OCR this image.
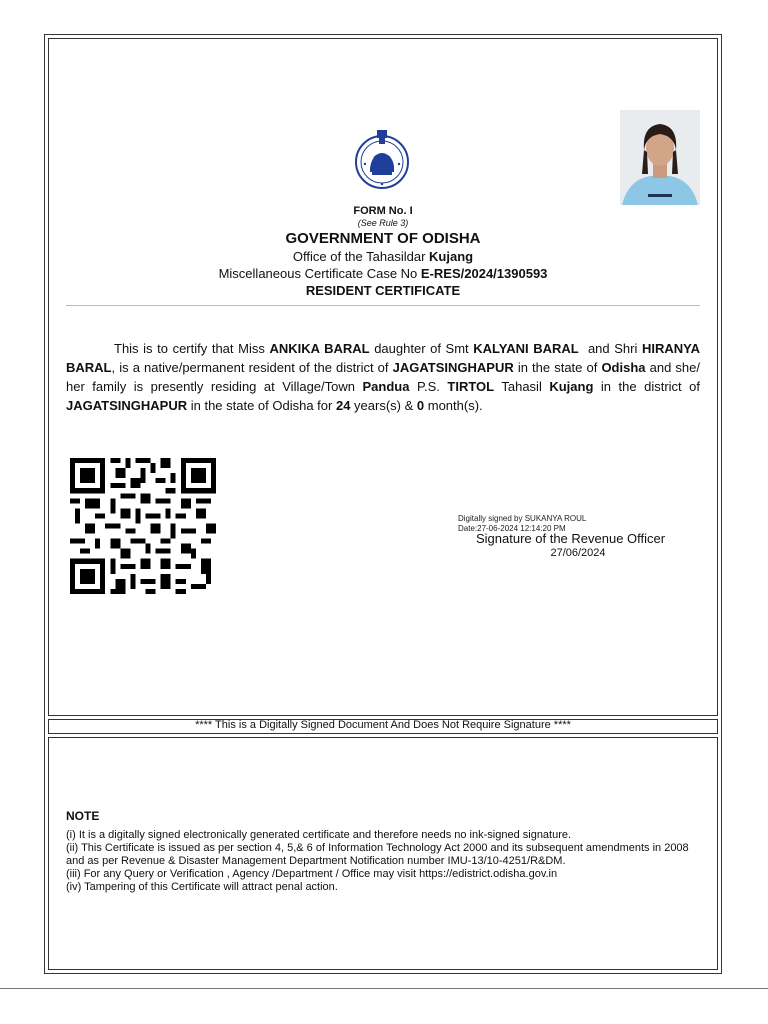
FORM No. I
(See Rule 3)
GOVERNMENT OF ODISHA
Office of the Tahasildar Kujang
Miscellaneous Certificate Case No E-RES/2024/1390593
RESIDENT CERTIFICATE
This is to certify that Miss ANKIKA BARAL daughter of Smt KALYANI BARAL  and Shri HIRANYA BARAL, is a native/permanent resident of the district of JAGATSINGHAPUR in the state of Odisha and she/ her family is presently residing at Village/Town Pandua P.S. TIRTOL Tahasil Kujang in the district of JAGATSINGHAPUR in the state of Odisha for 24 years(s) & 0 month(s).
Digitally signed by SUKANYA ROUL
Date:27-06-2024 12:14:20 PM
Signature of the Revenue Officer
27/06/2024
**** This is a Digitally Signed Document And Does Not Require Signature ****
NOTE
(i) It is a digitally signed electronically generated certificate and therefore needs no ink-signed signature.
(ii) This Certificate is issued as per section 4, 5,& 6 of Information Technology Act 2000 and its subsequent amendments in 2008 and as per Revenue & Disaster Management Department Notification number IMU-13/10-4251/R&DM.
(iii) For any Query or Verification , Agency /Department / Office may visit https://edistrict.odisha.gov.in
(iv) Tampering of this Certificate will attract penal action.
